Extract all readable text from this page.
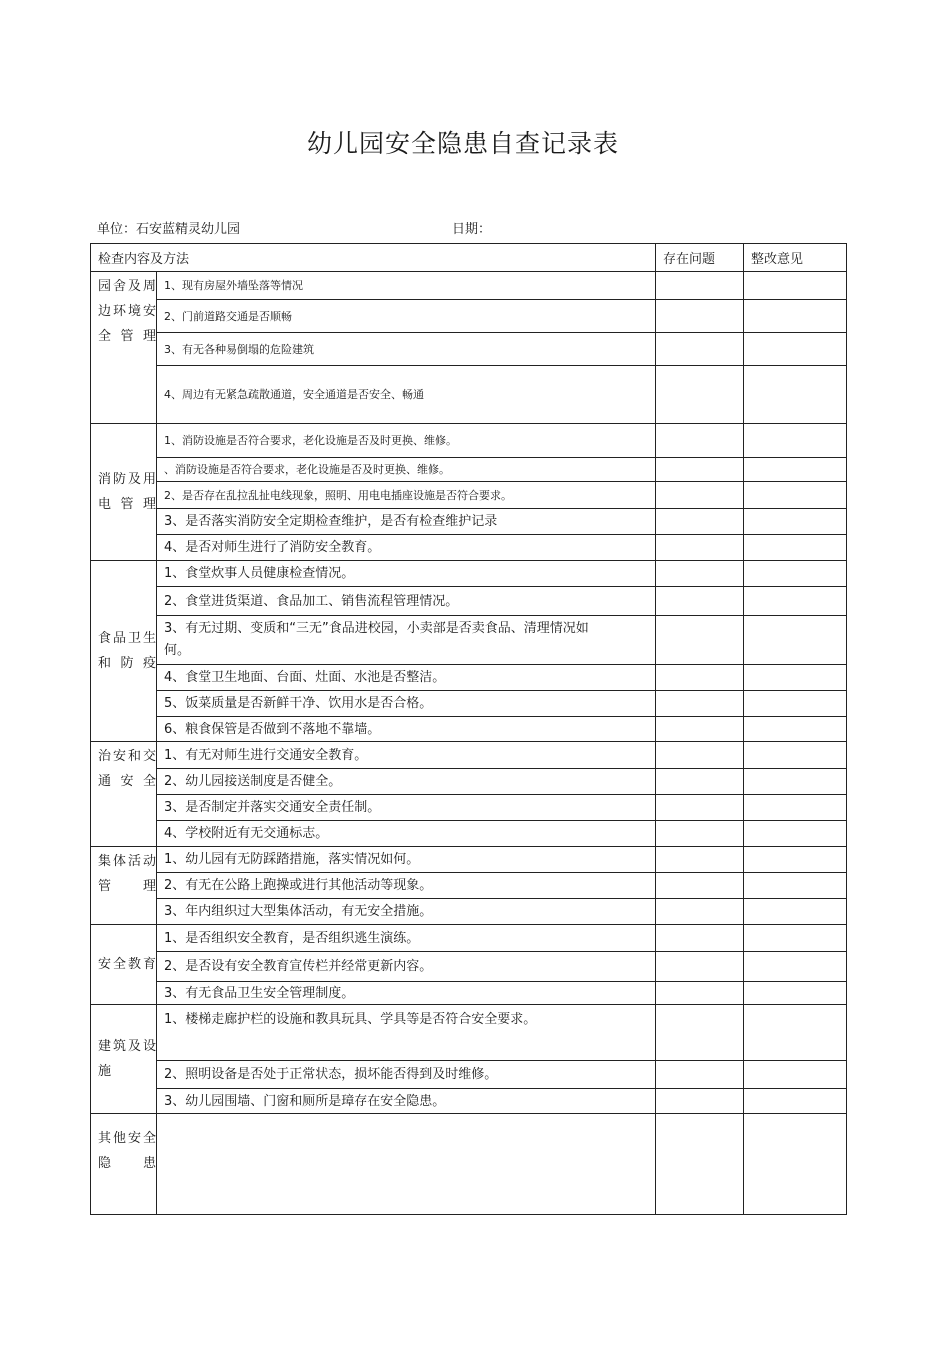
幼儿园安全隐患自查记录表
单位：石安蓝精灵幼儿园	日期：
检查内容及方法		存在问题	整改意见
园舍及周边环境安全管理	1、现有房屋外墙坠落等情况		
	2、门前道路交通是否顺畅		
	3、有无各种易倒塌的危险建筑		
	4、周边有无紧急疏散通道，安全通道是否安全、畅通		
消防及用电管理	1、消防设施是否符合要求，老化设施是否及时更换、维修。		
	、消防设施是否符合要求，老化设施是否及时更换、维修。		
	2、是否存在乱拉乱扯电线现象，照明、用电电插座设施是否符合要求。		
	3、是否落实消防安全定期检查维护，是否有检查维护记录		
	4、是否对师生进行了消防安全教育。		
食品卫生和防疫	1、食堂炊事人员健康检查情况。		
	2、食堂进货渠道、食品加工、销售流程管理情况。		
	3、有无过期、变质和“三无”食品进校园，小卖部是否卖食品、清理情况如何。		
	4、食堂卫生地面、台面、灶面、水池是否整洁。		
	5、饭菜质量是否新鲜干净、饮用水是否合格。		
	6、粮食保管是否做到不落地不靠墙。		
治安和交通安全	1、有无对师生进行交通安全教育。		
	2、幼儿园接送制度是否健全。		
	3、是否制定并落实交通安全责任制。		
	4、学校附近有无交通标志。		
集体活动管理	1、幼儿园有无防踩踏措施，落实情况如何。		
	2、有无在公路上跑操或进行其他活动等现象。		
	3、年内组织过大型集体活动，有无安全措施。		
安全教育	1、是否组织安全教育，是否组织逃生演练。		
	2、是否设有安全教育宣传栏并经常更新内容。		
	3、有无食品卫生安全管理制度。		
建筑及设施	1、楼梯走廊护栏的设施和教具玩具、学具等是否符合安全要求。		
	2、照明设备是否处于正常状态，损坏能否得到及时维修。		
	3、幼儿园围墙、门窗和厕所是璋存在安全隐患。		
其他安全隐患			
